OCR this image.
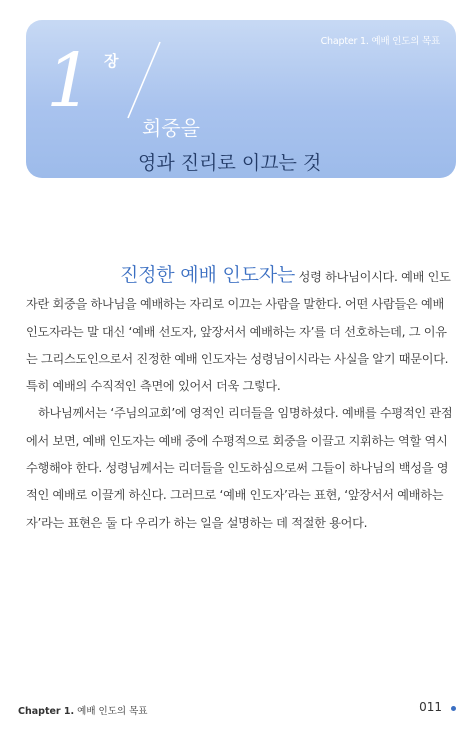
Chapter 1. 예배 인도의 목표
1 장
회중을
영과 진리로 이끄는 것

진정한 예배 인도자는 성령 하나님이시다. 예배 인도자란 회중을 하나님을 예배하는 자리로 이끄는 사람을 말한다. 어떤 사람들은 예배 인도자라는 말 대신 ‘예배 선도자, 앞장서서 예배하는 자’를 더 선호하는데, 그 이유는 그리스도인으로서 진정한 예배 인도자는 성령님이시라는 사실을 알기 때문이다. 특히 예배의 수직적인 측면에 있어서 더욱 그렇다.

하나님께서는 ‘주님의교회’에 영적인 리더들을 임명하셨다. 예배를 수평적인 관점에서 보면, 예배 인도자는 예배 중에 수평적으로 회중을 이끌고 지휘하는 역할 역시 수행해야 한다. 성령님께서는 리더들을 인도하심으로써 그들이 하나님의 백성을 영적인 예배로 이끌게 하신다. 그러므로 ‘예배 인도자’라는 표현, ‘앞장서서 예배하는 자’라는 표현은 둘 다 우리가 하는 일을 설명하는 데 적절한 용어다.

Chapter 1. 예배 인도의 목표	011
